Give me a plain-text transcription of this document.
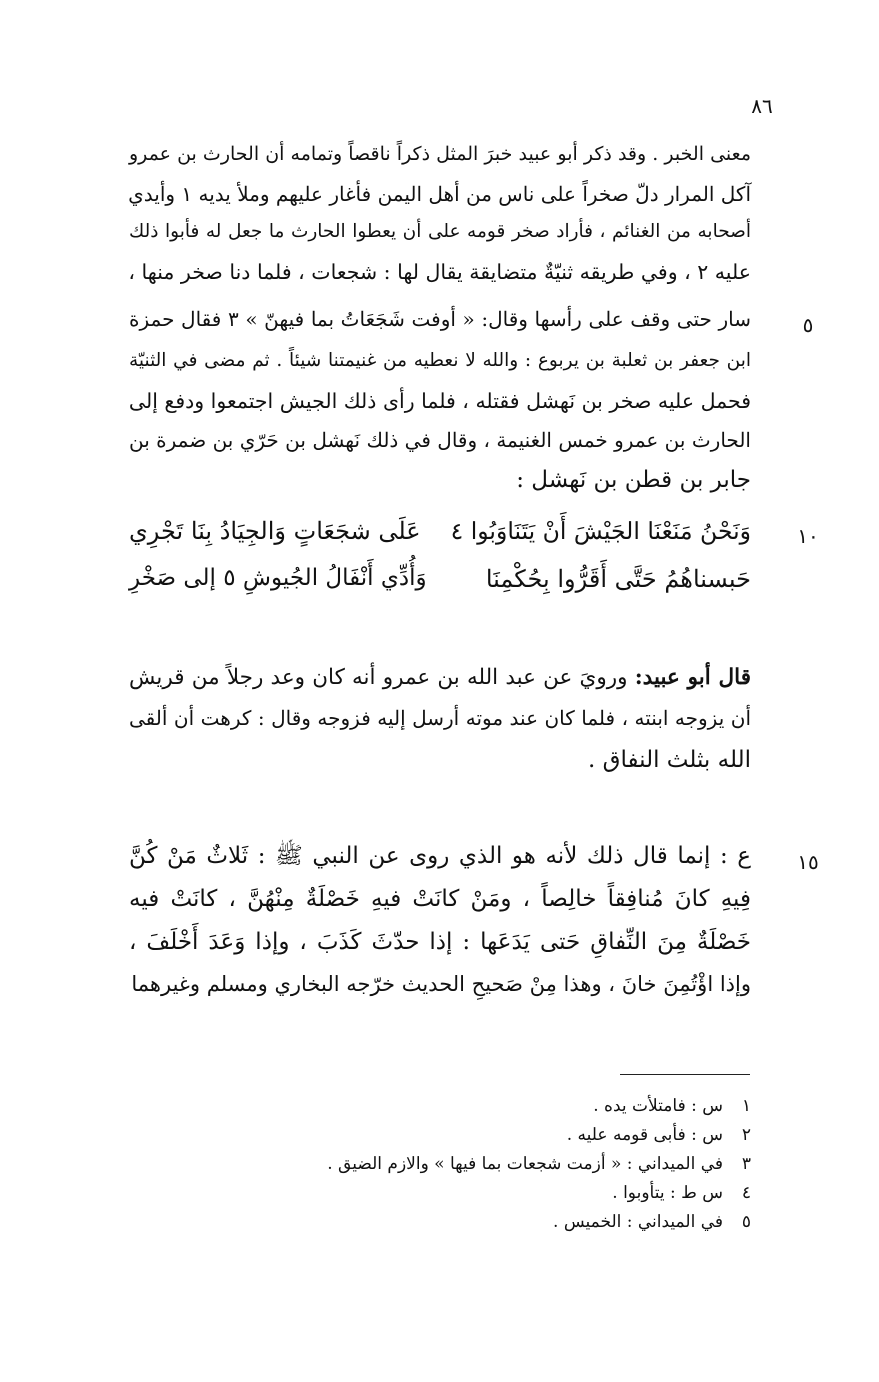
٨٦
معنى الخبر . وقد ذكر أبو عبيد خبرَ المثل ذكراً ناقصاً وتمامه أن الحارث بن عمرو
آكل المرار دلّ صخراً على ناس من أهل اليمن فأغار عليهم وملأ يديه ١ وأيدي
أصحابه من الغنائم ، فأراد صخر قومه على أن يعطوا الحارث ما جعل له فأبوا ذلك
عليه ٢ ، وفي طريقه ثنيّةٌ متضايقة يقال لها : شجعات ، فلما دنا صخر منها ،
سار حتى وقف على رأسها وقال: « أوفت شَجَعَاتُ بما فيهنّ » ٣ فقال حمزة	٥
ابن جعفر بن ثعلبة بن يربوع : والله لا نعطيه من غنيمتنا شيئاً . ثم مضى في الثنيّة
فحمل عليه صخر بن نَهشل فقتله ، فلما رأى ذلك الجيش اجتمعوا ودفع إلى
الحارث بن عمرو خمس الغنيمة ، وقال في ذلك نَهشل بن حَرّي بن ضمرة بن
جابر بن قطن بن نَهشل :
وَنَحْنُ مَنَعْنَا الجَيْشَ أَنْ يَتَنَاوَبُوا ٤
عَلَى شجَعَاتٍ وَالجِيَادُ بِنَا تَجْرِي	١٠
حَبسناهُمُ حَتَّى أَقَرُّوا بِحُكْمِنَا
وَأُدِّي أَنْفَالُ الجُيوشِ ٥ إلى صَخْرِ
قال أبو عبيد: ورويَ عن عبد الله بن عمرو أنه كان وعد رجلاً من قريش
أن يزوجه ابنته ، فلما كان عند موته أرسل إليه فزوجه وقال : كرهت أن ألقى
الله بثلث النفاق .
ع : إنما قال ذلك لأنه هو الذي روى عن النبي ﷺ : ثَلاثٌ مَنْ كُنَّ	١٥
فِيهِ كانَ مُنافِقاً خالِصاً ، ومَنْ كانَتْ فيهِ خَصْلَةٌ مِنْهُنَّ ، كانَتْ فيه
خَصْلَةٌ مِنَ النِّفاقِ حَتى يَدَعَها : إذا حدّثَ كَذَبَ ، وإذا وَعَدَ أَخْلَفَ ،
وإذا اؤْتُمِنَ خانَ ، وهذا مِنْ صَحيحِ الحديث خرّجه البخاري ومسلم وغيرهما
١س : فامتلأت يده .
٢س : فأبى قومه عليه .
٣في الميداني : « أزمت شجعات بما فيها » والازم الضيق .
٤س ط : يتأوبوا .
٥في الميداني : الخميس .
